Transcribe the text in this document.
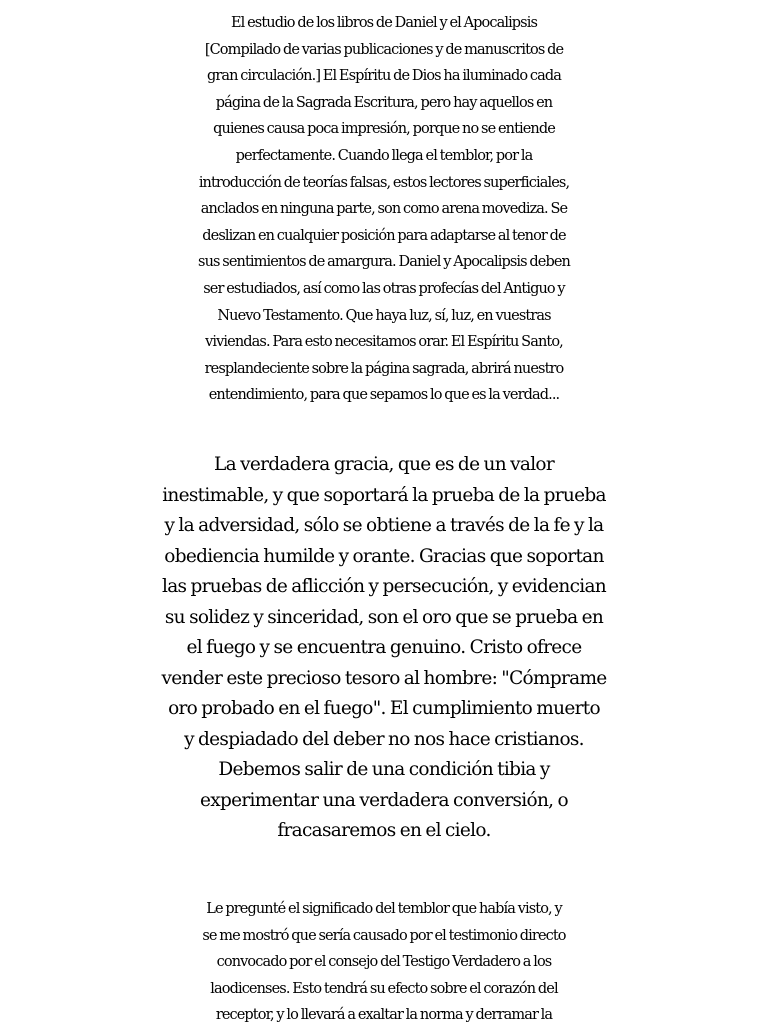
El estudio de los libros de Daniel y el Apocalipsis
[Compilado de varias publicaciones y de manuscritos de
gran circulación.] El Espíritu de Dios ha iluminado cada
página de la Sagrada Escritura, pero hay aquellos en
quienes causa poca impresión, porque no se entiende
perfectamente. Cuando llega el temblor, por la
introducción de teorías falsas, estos lectores superficiales,
anclados en ninguna parte, son como arena movediza. Se
deslizan en cualquier posición para adaptarse al tenor de
sus sentimientos de amargura. Daniel y Apocalipsis deben
ser estudiados, así como las otras profecías del Antiguo y
Nuevo Testamento. Que haya luz, sí, luz, en vuestras
viviendas. Para esto necesitamos orar. El Espíritu Santo,
resplandeciente sobre la página sagrada, abrirá nuestro
entendimiento, para que sepamos lo que es la verdad...

La verdadera gracia, que es de un valor
inestimable, y que soportará la prueba de la prueba
y la adversidad, sólo se obtiene a través de la fe y la
obediencia humilde y orante. Gracias que soportan
las pruebas de aflicción y persecución, y evidencian
su solidez y sinceridad, son el oro que se prueba en
el fuego y se encuentra genuino. Cristo ofrece
vender este precioso tesoro al hombre: "Cómprame
oro probado en el fuego". El cumplimiento muerto
y despiadado del deber no nos hace cristianos.
Debemos salir de una condición tibia y
experimentar una verdadera conversión, o
fracasaremos en el cielo.

Le pregunté el significado del temblor que había visto, y
se me mostró que sería causado por el testimonio directo
convocado por el consejo del Testigo Verdadero a los
laodicenses. Esto tendrá su efecto sobre el corazón del
receptor, y lo llevará a exaltar la norma y derramar la
